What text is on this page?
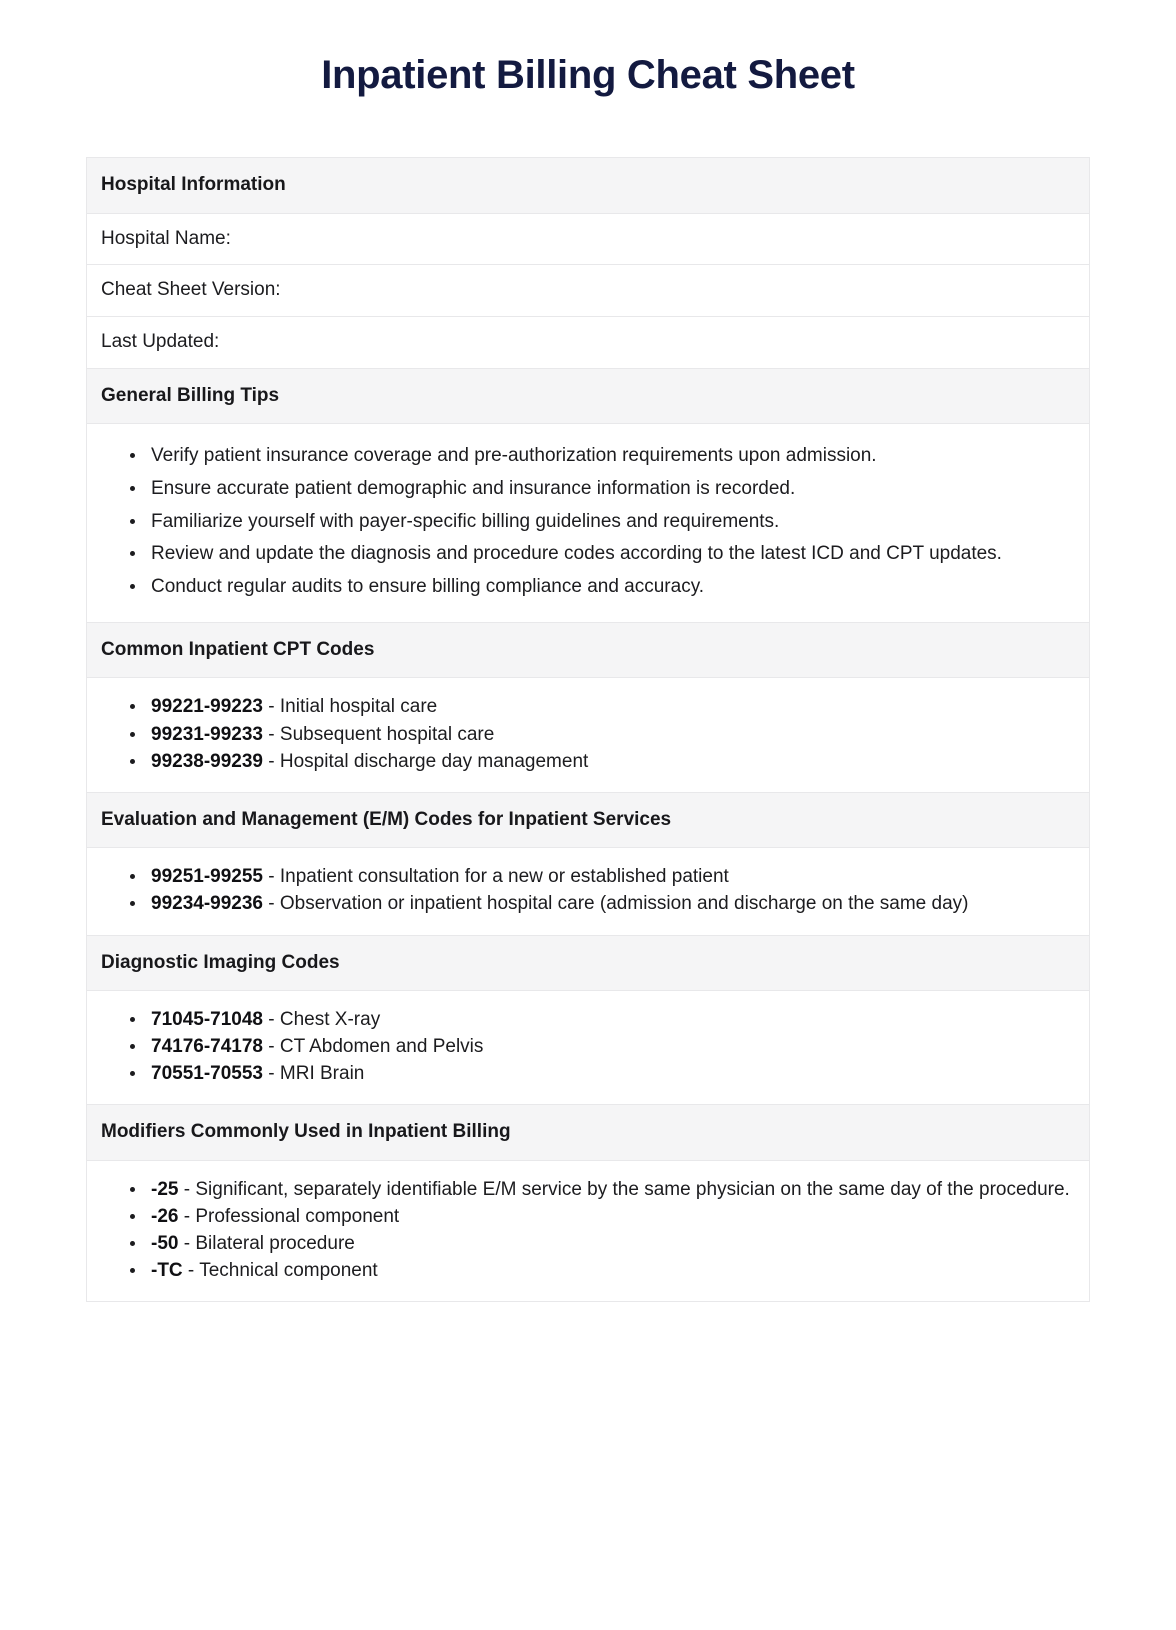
Inpatient Billing Cheat Sheet
Hospital Information
Hospital Name:
Cheat Sheet Version:
Last Updated:
General Billing Tips
• Verify patient insurance coverage and pre-authorization requirements upon admission.
• Ensure accurate patient demographic and insurance information is recorded.
• Familiarize yourself with payer-specific billing guidelines and requirements.
• Review and update the diagnosis and procedure codes according to the latest ICD and CPT updates.
• Conduct regular audits to ensure billing compliance and accuracy.
Common Inpatient CPT Codes
• 99221-99223 - Initial hospital care
• 99231-99233 - Subsequent hospital care
• 99238-99239 - Hospital discharge day management
Evaluation and Management (E/M) Codes for Inpatient Services
• 99251-99255 - Inpatient consultation for a new or established patient
• 99234-99236 - Observation or inpatient hospital care (admission and discharge on the same day)
Diagnostic Imaging Codes
• 71045-71048 - Chest X-ray
• 74176-74178 - CT Abdomen and Pelvis
• 70551-70553 - MRI Brain
Modifiers Commonly Used in Inpatient Billing
• -25 - Significant, separately identifiable E/M service by the same physician on the same day of the procedure.
• -26 - Professional component
• -50 - Bilateral procedure
• -TC - Technical component
